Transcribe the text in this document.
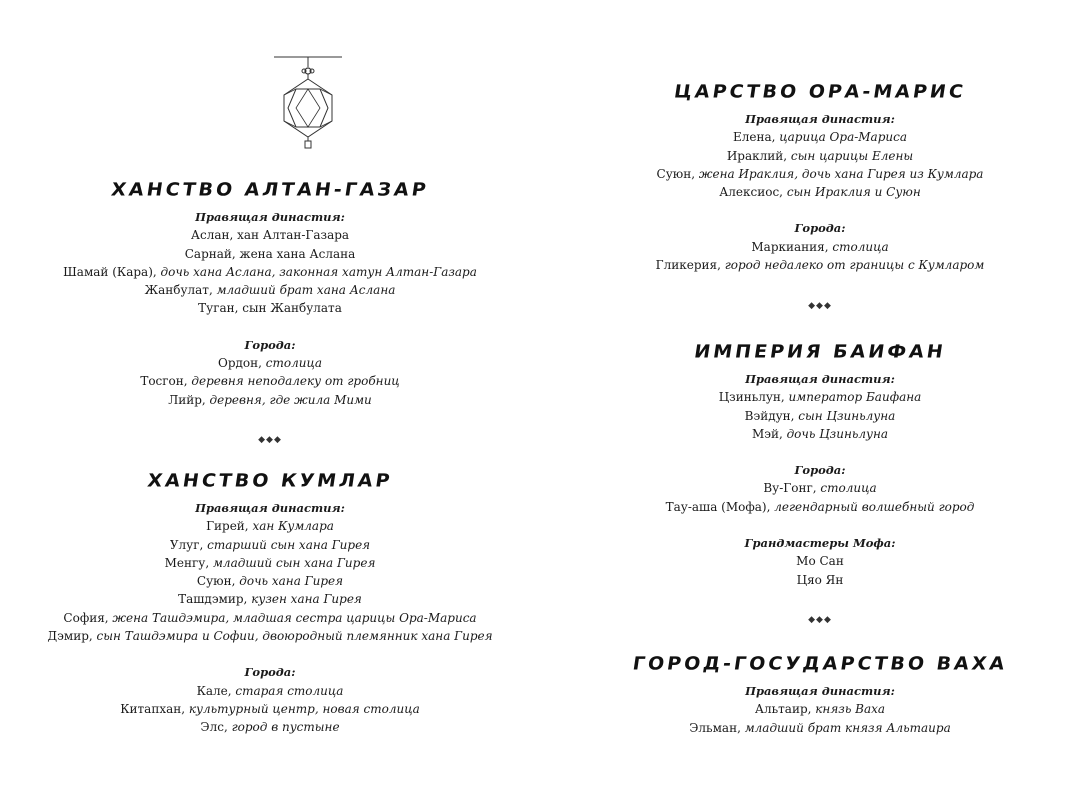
ХАНСТВО АЛТАН-ГАЗАР
Правящая династия:
Аслан, хан Алтан-Газара
Сарнай, жена хана Аслана
Шамай (Кара), дочь хана Аслана, законная хатун Алтан-Газара
Жанбулат, младший брат хана Аслана
Туган, сын Жанбулата
Города:
Ордон, столица
Тосгон, деревня неподалеку от гробниц
Лийр, деревня, где жила Мими
◆◆◆
ХАНСТВО КУМЛАР
Правящая династия:
Гирей, хан Кумлара
Улуг, старший сын хана Гирея
Менгу, младший сын хана Гирея
Суюн, дочь хана Гирея
Ташдэмир, кузен хана Гирея
София, жена Ташдэмира, младшая сестра царицы Ора-Мариса
Дэмир, сын Ташдэмира и Софии, двоюродный племянник хана Гирея
Города:
Кале, старая столица
Китапхан, культурный центр, новая столица
Элс, город в пустыне
ЦАРСТВО ОРА-МАРИС
Правящая династия:
Елена, царица Ора-Мариса
Ираклий, сын царицы Елены
Суюн, жена Ираклия, дочь хана Гирея из Кумлара
Алексиос, сын Ираклия и Суюн
Города:
Маркиания, столица
Гликерия, город недалеко от границы с Кумларом
◆◆◆
ИМПЕРИЯ БАИФАН
Правящая династия:
Цзиньлун, император Баифана
Вэйдун, сын Цзиньлуна
Мэй, дочь Цзиньлуна
Города:
Ву-Гонг, столица
Тау-аша (Мофа), легендарный волшебный город
Грандмастеры Мофа:
Мо Сан
Цяо Ян
◆◆◆
ГОРОД-ГОСУДАРСТВО ВАХА
Правящая династия:
Альтаир, князь Ваха
Эльман, младший брат князя Альтаира
